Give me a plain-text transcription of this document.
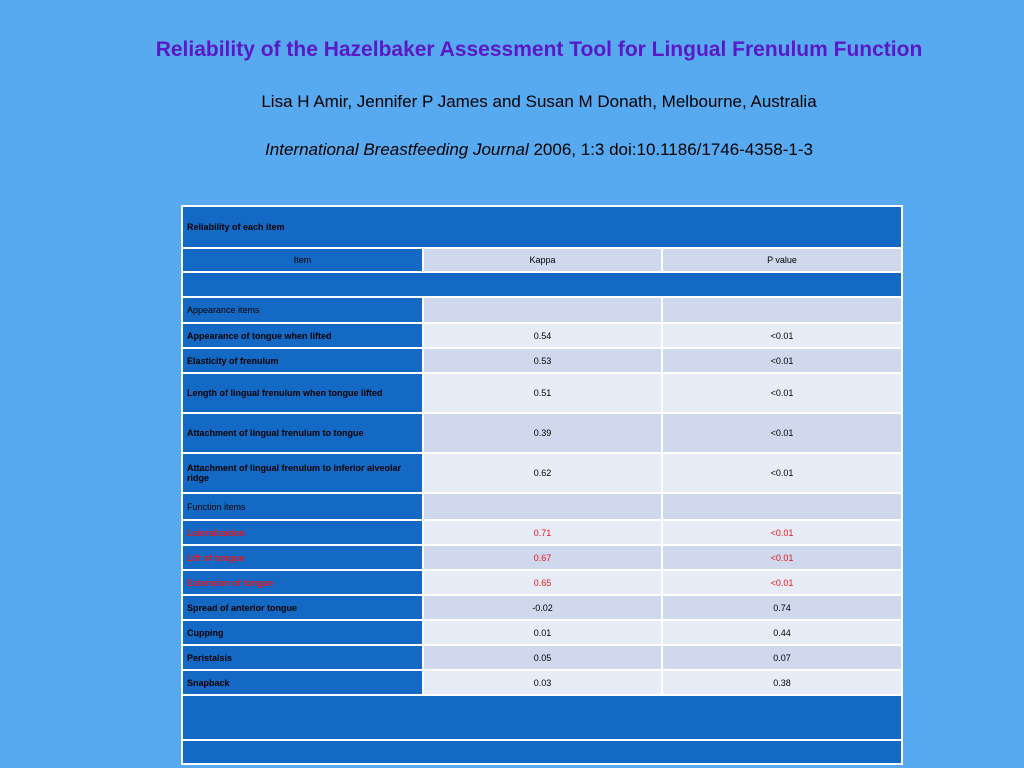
Reliability of the Hazelbaker Assessment Tool for Lingual Frenulum Function
Lisa H Amir, Jennifer P James and Susan M Donath, Melbourne, Australia
International Breastfeeding Journal 2006, 1:3 doi:10.1186/1746-4358-1-3
Reliability of each item		
Item	Kappa	P value

Appearance items		
Appearance of tongue when lifted	0.54	<0.01
Elasticity of frenulum	0.53	<0.01
Length of lingual frenulum when tongue lifted	0.51	<0.01
Attachment of lingual frenulum to tongue	0.39	<0.01
Attachment of lingual frenulum to inferior alveolar ridge	0.62	<0.01
Function items		
Lateralization	0.71	<0.01
Lift of tongue	0.67	<0.01
Extension of tongue	0.65	<0.01
Spread of anterior tongue	-0.02	0.74
Cupping	0.01	0.44
Peristalsis	0.05	0.07
Snapback	0.03	0.38
